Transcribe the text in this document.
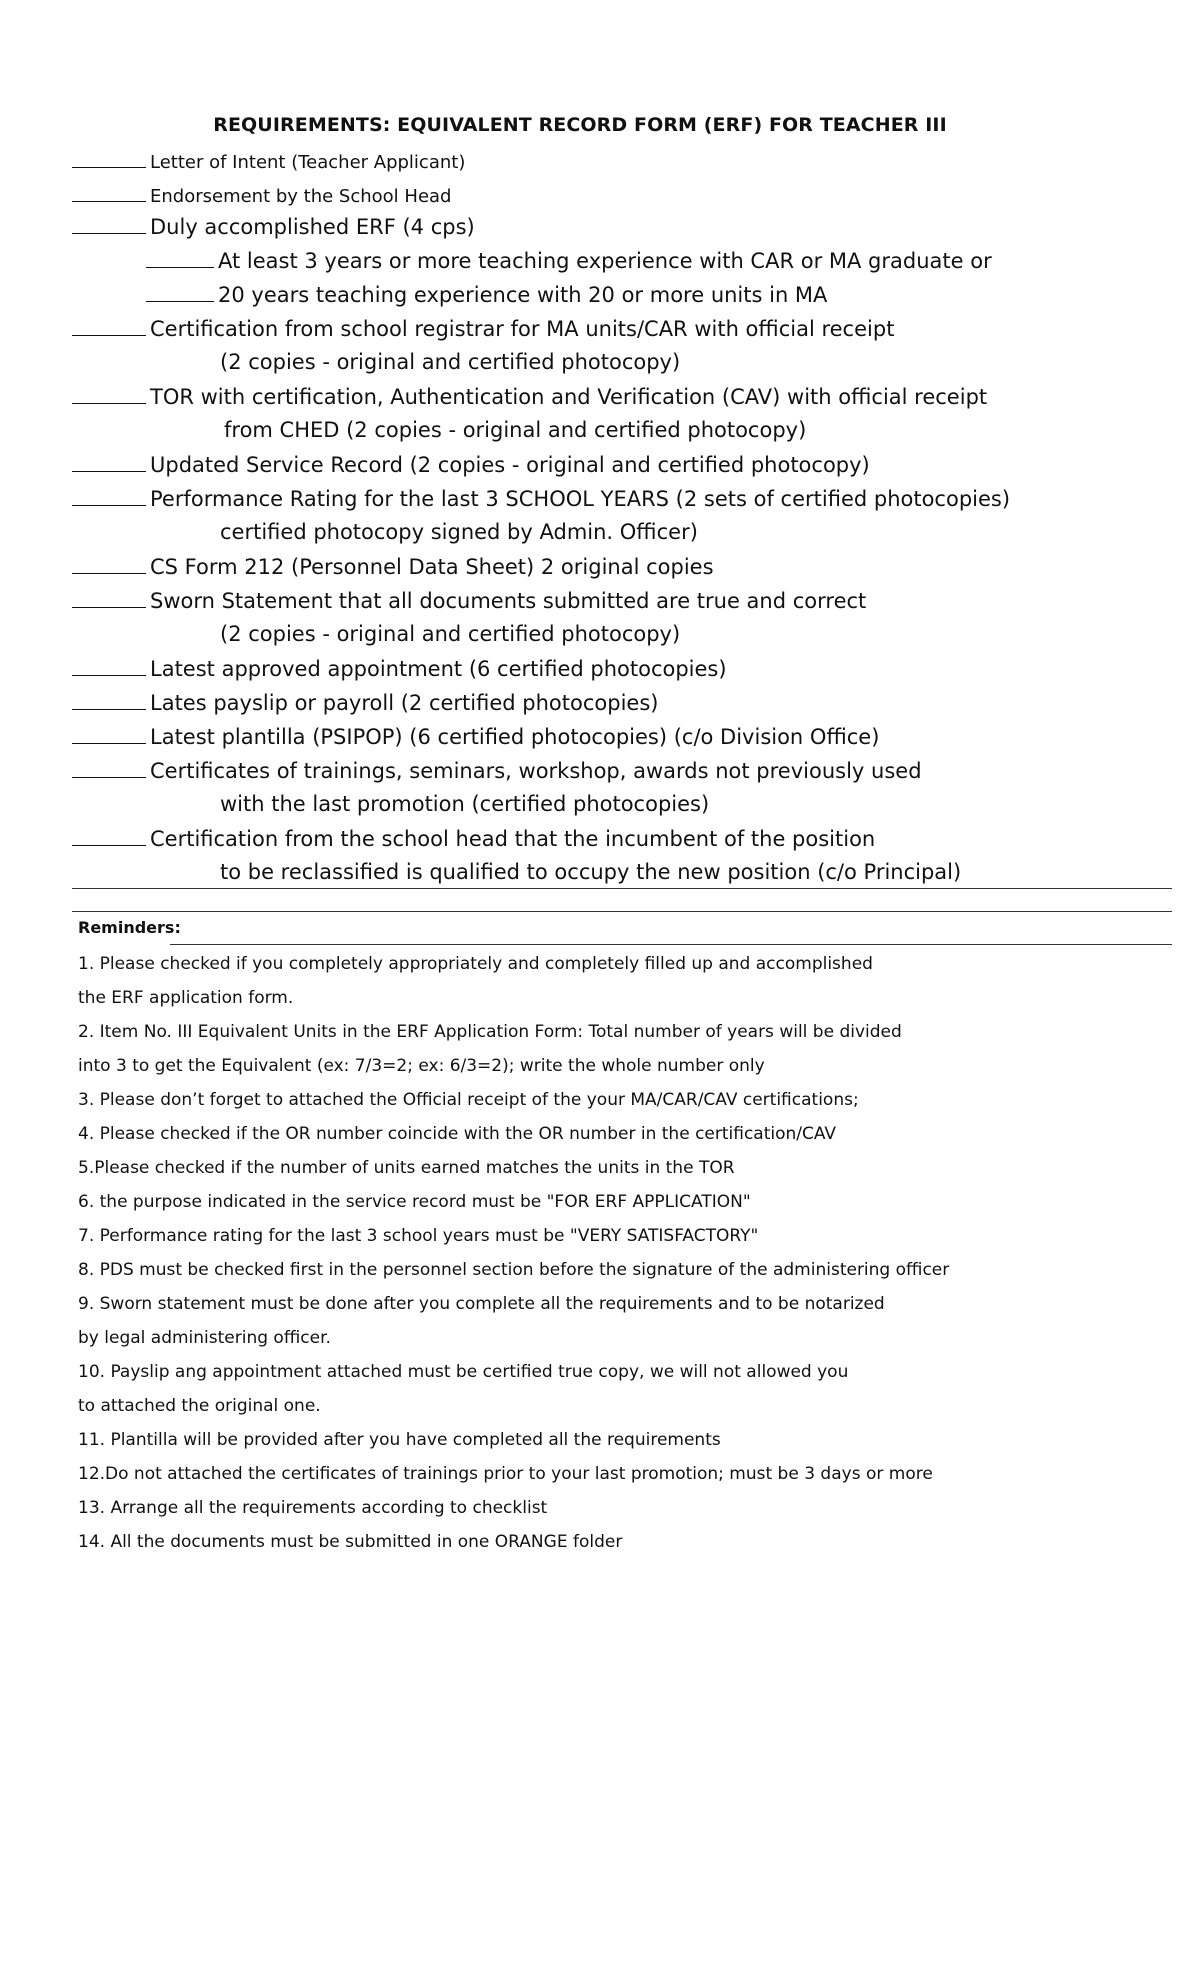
REQUIREMENTS: EQUIVALENT RECORD FORM (ERF) FOR TEACHER III
Letter of Intent (Teacher Applicant)
Endorsement by the School Head
Duly accomplished ERF (4 cps)
At least 3 years or more teaching experience with CAR or MA graduate or
20 years teaching experience with 20 or more units in MA
Certification from school registrar for MA units/CAR with official receipt
(2 copies - original and certified photocopy)
TOR with certification, Authentication and Verification (CAV) with official receipt
from CHED (2 copies - original and certified photocopy)
Updated Service Record (2 copies - original and certified photocopy)
Performance Rating for the last 3 SCHOOL YEARS (2 sets of certified photocopies)
certified photocopy signed by Admin. Officer)
CS Form 212 (Personnel Data Sheet) 2 original copies
Sworn Statement that all documents submitted are true and correct
(2 copies - original and certified photocopy)
Latest approved appointment (6 certified photocopies)
Lates payslip or payroll (2 certified photocopies)
Latest plantilla (PSIPOP) (6 certified photocopies) (c/o Division Office)
Certificates of trainings, seminars, workshop, awards not previously used
with the last promotion (certified photocopies)
Certification from the school head that the incumbent of the position
to be reclassified is qualified to occupy the new position (c/o Principal)
Reminders:
1. Please checked if you completely appropriately and completely filled up and accomplished
the ERF application form.
2. Item No. III Equivalent Units in the ERF Application Form: Total number of years will be divided
into 3 to get the Equivalent (ex: 7/3=2; ex: 6/3=2); write the whole number only
3. Please don’t forget to attached the Official receipt of the your MA/CAR/CAV certifications;
4. Please checked if the OR number coincide with the OR number in the certification/CAV
5.Please checked if the number of units earned matches the units in the TOR
6. the purpose indicated in the service record must be "FOR ERF APPLICATION"
7. Performance rating for the last 3 school years must be "VERY SATISFACTORY"
8. PDS must be checked first in the personnel section before the signature of the administering officer
9. Sworn statement must be done after you complete all the requirements and to be notarized
by legal administering officer.
10. Payslip ang appointment attached must be certified true copy, we will not allowed you
to attached the original one.
11. Plantilla will be provided after you have completed all the requirements
12.Do not attached the certificates of trainings prior to your last promotion; must be 3 days or more
13. Arrange all the requirements according to checklist
14. All the documents must be submitted in one ORANGE folder
